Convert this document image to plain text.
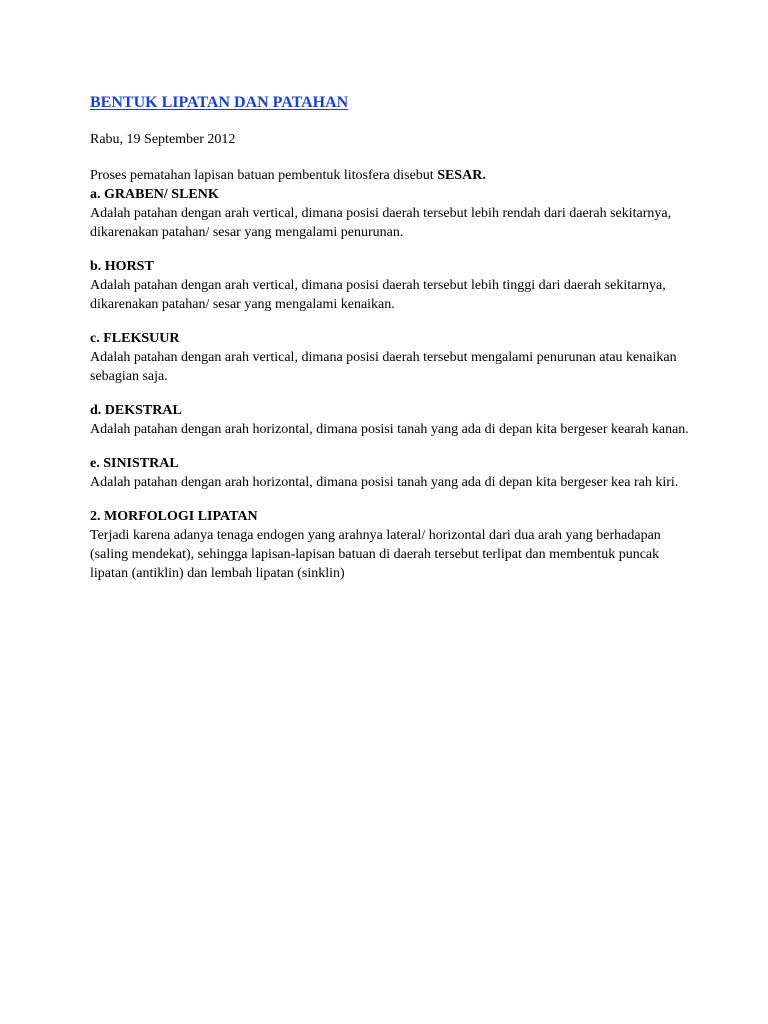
BENTUK LIPATAN DAN PATAHAN
Rabu, 19 September 2012
Proses pematahan lapisan batuan pembentuk litosfera disebut SESAR.
a. GRABEN/ SLENK
Adalah patahan dengan arah vertical, dimana posisi daerah tersebut lebih rendah dari daerah sekitarnya, dikarenakan patahan/ sesar yang mengalami penurunan.
b. HORST
Adalah patahan dengan arah vertical, dimana posisi daerah tersebut lebih tinggi dari daerah sekitarnya, dikarenakan patahan/ sesar yang mengalami kenaikan.
c. FLEKSUUR
Adalah patahan dengan arah vertical, dimana posisi daerah tersebut mengalami penurunan atau kenaikan sebagian saja.
d. DEKSTRAL
Adalah patahan dengan arah horizontal, dimana posisi tanah yang ada di depan kita bergeser kearah kanan.
e. SINISTRAL
Adalah patahan dengan arah horizontal, dimana posisi tanah yang ada di depan kita bergeser kea rah kiri.
2. MORFOLOGI LIPATAN
Terjadi karena adanya tenaga endogen yang arahnya lateral/ horizontal dari dua arah yang berhadapan (saling mendekat), sehingga lapisan-lapisan batuan di daerah tersebut terlipat dan membentuk puncak lipatan (antiklin) dan lembah lipatan (sinklin)
